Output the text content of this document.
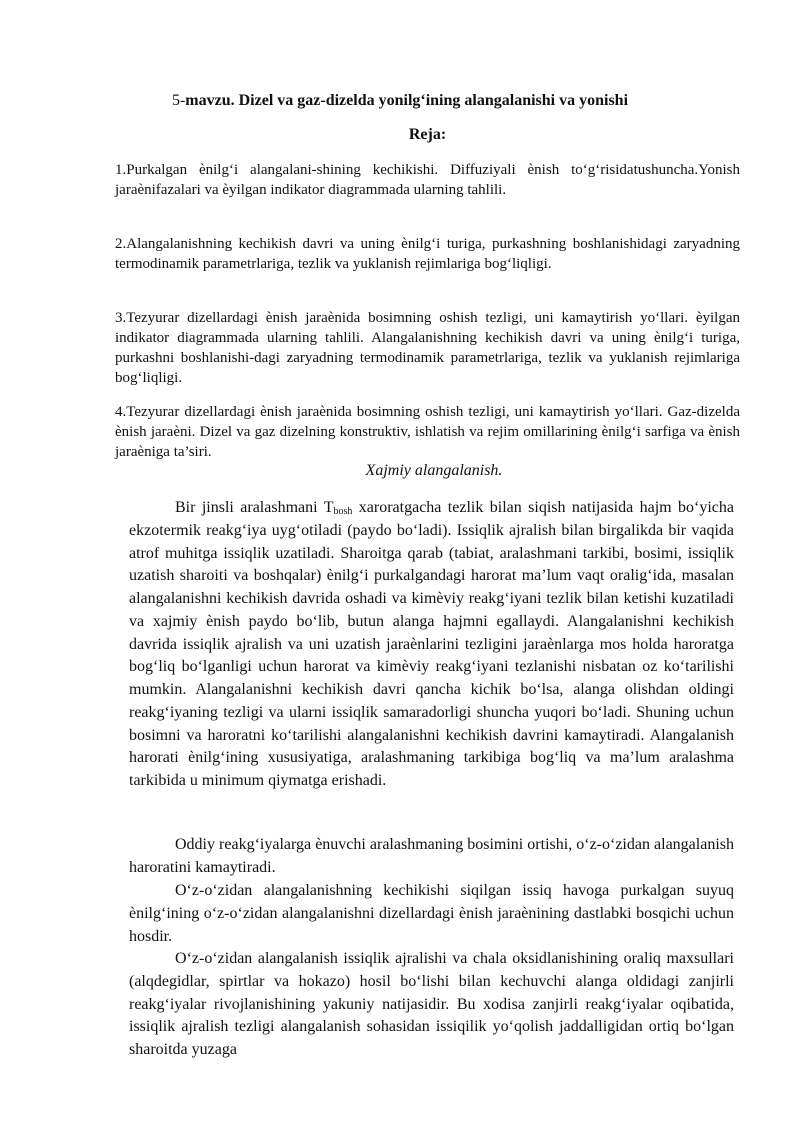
5-mavzu. Dizel va gaz-dizelda yonilg‘ining alangalanishi va yonishi
Reja:

1.Purkalgan ènilg‘i alangalani-shining kechikishi. Diffuziyali ènish to‘g‘risidatushuncha.Yonish jaraènifazalari va èyilgan indikator diagrammada ularning tahlili.

2.Alangalanishning kechikish davri va uning ènilg‘i turiga, purkashning boshlanishidagi zaryadning termodinamik parametrlariga, tezlik va yuklanish rejimlariga bog‘liqligi.

3.Tezyurar dizellardagi ènish jaraènida bosimning oshish tezligi, uni kamaytirish yo‘llari. èyilgan indikator diagrammada ularning tahlili. Alangalanishning kechikish davri va uning ènilg‘i turiga, purkashni boshlanishi-dagi zaryadning termodinamik parametrlariga, tezlik va yuklanish rejimlariga bog‘liqligi.

4.Tezyurar dizellardagi ènish jaraènida bosimning oshish tezligi, uni kamaytirish yo‘llari. Gaz-dizelda ènish jaraèni. Dizel va gaz dizelning konstruktiv, ishlatish va rejim omillarining ènilg‘i sarfiga va ènish jaraèniga ta’siri.

Xajmiy alangalanish.

Bir jinsli aralashmani $T_{bosh}$ xaroratgacha tezlik bilan siqish natijasida hajm bo‘yicha ekzotermik reakg‘iya uyg‘otiladi (paydo bo‘ladi). Issiqlik ajralish bilan birgalikda bir vaqida atrof muhitga issiqlik uzatiladi. Sharoitga qarab (tabiat, aralashmani tarkibi, bosimi, issiqlik uzatish sharoiti va boshqalar) ènilg‘i purkalgandagi harorat ma’lum vaqt oralig‘ida, masalan alangalanishni kechikish davrida oshadi va kimèviy reakg‘iyani tezlik bilan ketishi kuzatiladi va xajmiy ènish paydo bo‘lib, butun alanga hajmni egallaydi. Alangalanishni kechikish davrida issiqlik ajralish va uni uzatish jaraènlarini tezligini jaraènlarga mos holda haroratga bog‘liq bo‘lganligi uchun harorat va kimèviy reakg‘iyani tezlanishi nisbatan oz ko‘tarilishi mumkin. Alangalanishni kechikish davri qancha kichik bo‘lsa, alanga olishdan oldingi reakg‘iyaning tezligi va ularni issiqlik samaradorligi shuncha yuqori bo‘ladi. Shuning uchun bosimni va haroratni ko‘tarilishi alangalanishni kechikish davrini kamaytiradi. Alangalanish harorati ènilg‘ining xususiyatiga, aralashmaning tarkibiga bog‘liq va ma’lum aralashma tarkibida u minimum qiymatga erishadi.

Oddiy reakg‘iyalarga ènuvchi aralashmaning bosimini ortishi, o‘z-o‘zidan alangalanish haroratini kamaytiradi.

O‘z-o‘zidan alangalanishning kechikishi siqilgan issiq havoga purkalgan suyuq ènilg‘ining o‘z-o‘zidan alangalanishni dizellardagi ènish jaraènining dastlabki bosqichi uchun hosdir.

O‘z-o‘zidan alangalanish issiqlik ajralishi va chala oksidlanishining oraliq maxsullari (alqdegidlar, spirtlar va hokazo) hosil bo‘lishi bilan kechuvchi alanga oldidagi zanjirli reakg‘iyalar rivojlanishining yakuniy natijasidir. Bu xodisa zanjirli reakg‘iyalar oqibatida, issiqlik ajralish tezligi alangalanish sohasidan issiqilik yo‘qolish jaddalligidan ortiq bo‘lgan sharoitda yuzaga
